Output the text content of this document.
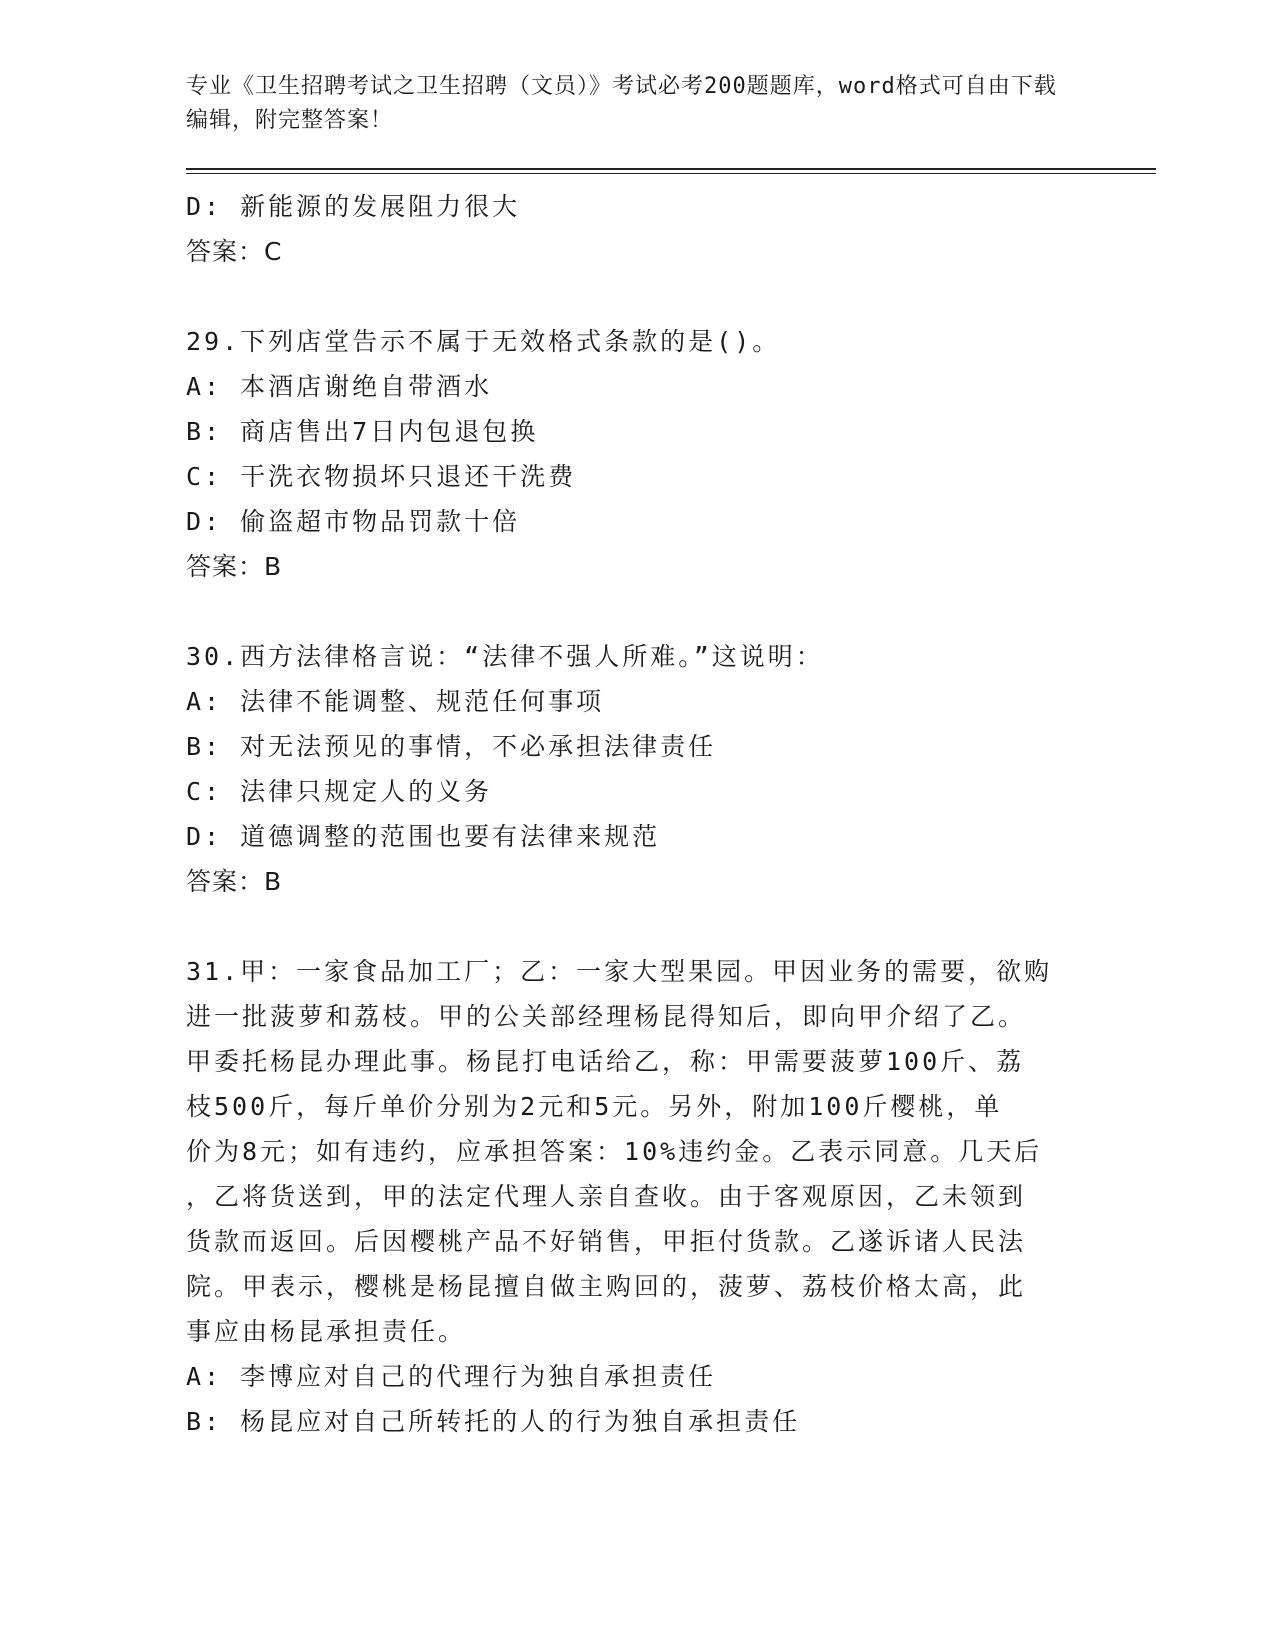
专业《卫生招聘考试之卫生招聘（文员）》考试必考200题题库，word格式可自由下载编辑，附完整答案！

D: 新能源的发展阻力很大

答案：C

29.下列店堂告示不属于无效格式条款的是()。

A: 本酒店谢绝自带酒水

B: 商店售出7日内包退包换

C: 干洗衣物损坏只退还干洗费

D: 偷盗超市物品罚款十倍

答案：B

30.西方法律格言说：“法律不强人所难。”这说明：

A: 法律不能调整、规范任何事项

B: 对无法预见的事情，不必承担法律责任

C: 法律只规定人的义务

D: 道德调整的范围也要有法律来规范

答案：B

31.甲：一家食品加工厂；乙：一家大型果园。甲因业务的需要，欲购

进一批菠萝和荔枝。甲的公关部经理杨昆得知后，即向甲介绍了乙。

甲委托杨昆办理此事。杨昆打电话给乙，称：甲需要菠萝100斤、荔

枝500斤，每斤单价分别为2元和5元。另外，附加100斤樱桃，单

价为8元；如有违约，应承担答案：10%违约金。乙表示同意。几天后

，乙将货送到，甲的法定代理人亲自查收。由于客观原因，乙未领到

货款而返回。后因樱桃产品不好销售，甲拒付货款。乙遂诉诸人民法

院。甲表示，樱桃是杨昆擅自做主购回的，菠萝、荔枝价格太高，此

事应由杨昆承担责任。

A: 李博应对自己的代理行为独自承担责任

B: 杨昆应对自己所转托的人的行为独自承担责任
